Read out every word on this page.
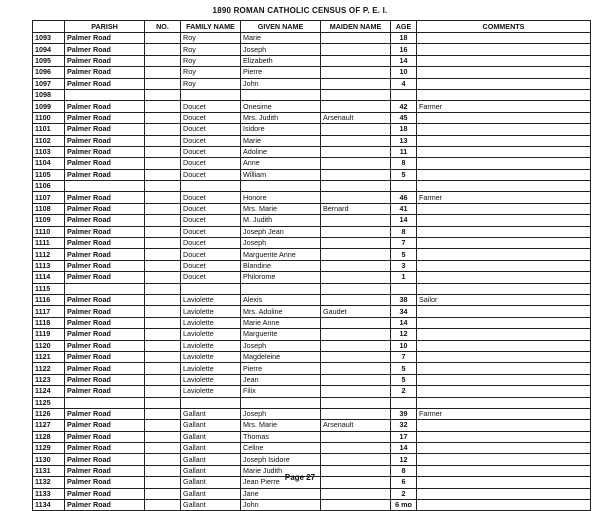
1890 ROMAN CATHOLIC CENSUS OF P. E. I.
	PARISH	NO.	FAMILY NAME	GIVEN NAME	MAIDEN NAME	AGE	COMMENTS
1093	Palmer Road		Roy	Marie		18	
1094	Palmer Road		Roy	Joseph		16	
1095	Palmer Road		Roy	Elizabeth		14	
1096	Palmer Road		Roy	Pierre		10	
1097	Palmer Road		Roy	John		4	
1098							
1099	Palmer Road		Doucet	Onesime		42	Farmer
1100	Palmer Road		Doucet	Mrs. Judith	Arsenault	45	
1101	Palmer Road		Doucet	Isidore		18	
1102	Palmer Road		Doucet	Marie		13	
1103	Palmer Road		Doucet	Adoline		11	
1104	Palmer Road		Doucet	Anne		8	
1105	Palmer Road		Doucet	William		5	
1106							
1107	Palmer Road		Doucet	Honore		46	Farmer
1108	Palmer Road		Doucet	Mrs. Marie	Bernard	41	
1109	Palmer Road		Doucet	M. Judith		14	
1110	Palmer Road		Doucet	Joseph Jean		8	
1111	Palmer Road		Doucet	Joseph		7	
1112	Palmer Road		Doucet	Marguerite Anne		5	
1113	Palmer Road		Doucet	Blandine		3	
1114	Palmer Road		Doucet	Philorome		1	
1115							
1116	Palmer Road		Laviolette	Alexis		38	Sailor
1117	Palmer Road		Laviolette	Mrs. Adoline	Gaudet	34	
1118	Palmer Road		Laviolette	Marie Anne		14	
1119	Palmer Road		Laviolette	Marguerite		12	
1120	Palmer Road		Laviolette	Joseph		10	
1121	Palmer Road		Laviolette	Magdeleine		7	
1122	Palmer Road		Laviolette	Pierre		5	
1123	Palmer Road		Laviolette	Jean		5	
1124	Palmer Road		Laviolette	Filix		2	
1125							
1126	Palmer Road		Gallant	Joseph		39	Farmer
1127	Palmer Road		Gallant	Mrs. Marie	Arsenault	32	
1128	Palmer Road		Gallant	Thomas		17	
1129	Palmer Road		Gallant	Celine		14	
1130	Palmer Road		Gallant	Joseph Isidore		12	
1131	Palmer Road		Gallant	Marie Judith		8	
1132	Palmer Road		Gallant	Jean Pierre		6	
1133	Palmer Road		Gallant	Jane		2	
1134	Palmer Road		Gallant	John		6 mo	
Page 27
